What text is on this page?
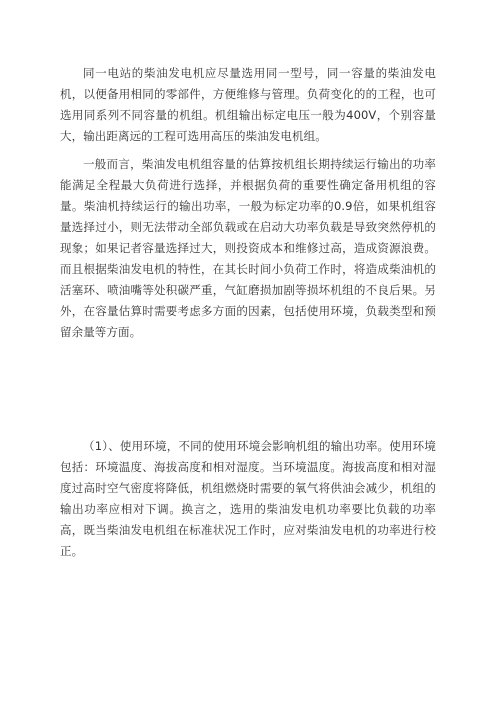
同一电站的柴油发电机应尽量选用同一型号，同一容量的柴油发电机，以便备用相同的零部件，方便维修与管理。负荷变化的的工程，也可选用同系列不同容量的机组。机组输出标定电压一般为400V，个别容量大，输出距离远的工程可选用高压的柴油发电机组。

一般而言，柴油发电机组容量的估算按机组长期持续运行输出的功率能满足全程最大负荷进行选择，并根据负荷的重要性确定备用机组的容量。柴油机持续运行的输出功率，一般为标定功率的0.9倍，如果机组容量选择过小，则无法带动全部负载或在启动大功率负载是导致突然停机的现象；如果记者容量选择过大，则投资成本和维修过高，造成资源浪费。而且根据柴油发电机的特性，在其长时间小负荷工作时，将造成柴油机的活塞环、喷油嘴等处积碳严重，气缸磨损加剧等损坏机组的不良后果。另外，在容量估算时需要考虑多方面的因素，包括使用环境，负载类型和预留余量等方面。

（1）、使用环境，不同的使用环境会影响机组的输出功率。使用环境包括：环境温度、海拔高度和相对湿度。当环境温度。海拔高度和相对湿度过高时空气密度将降低，机组燃烧时需要的氧气将供油会减少，机组的输出功率应相对下调。换言之，选用的柴油发电机功率要比负载的功率高，既当柴油发电机组在标准状况工作时，应对柴油发电机的功率进行校正。
